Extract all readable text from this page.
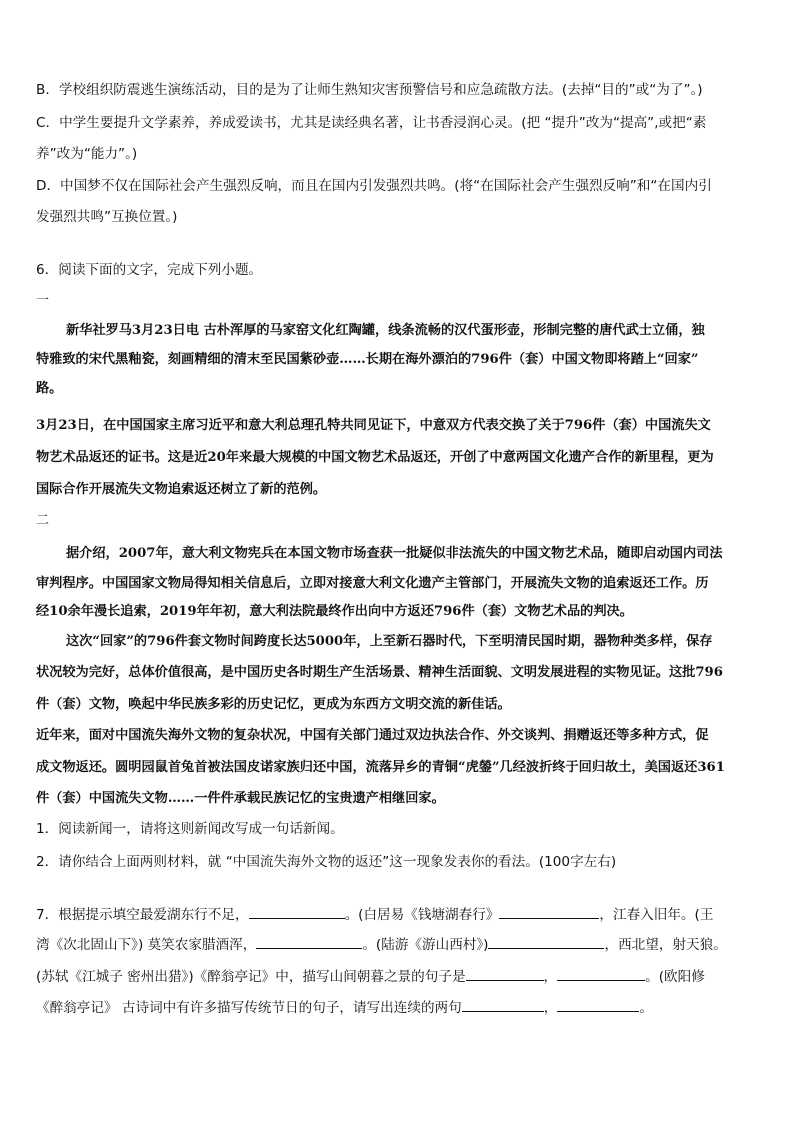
B．学校组织防震逃生演练活动，目的是为了让师生熟知灾害预警信号和应急疏散方法。(去掉“目的”或“为了”。)
C．中学生要提升文学素养，养成爱读书，尤其是读经典名著，让书香浸润心灵。(把 “提升”改为“提高”,或把“素
养”改为“能力”。)
D．中国梦不仅在国际社会产生强烈反响，而且在国内引发强烈共鸣。(将“在国际社会产生强烈反响”和“在国内引
发强烈共鸣”互换位置。)
6．阅读下面的文字，完成下列小题。
一
新华社罗马3月23日电 古朴浑厚的马家窑文化红陶罐，线条流畅的汉代蛋形壶，形制完整的唐代武士立俑，独
特雅致的宋代黑釉瓷，刻画精细的清末至民国紫砂壶……长期在海外漂泊的796件（套）中国文物即将踏上“回家”
路。
3月23日，在中国国家主席习近平和意大利总理孔特共同见证下，中意双方代表交换了关于796件（套）中国流失文
物艺术品返还的证书。这是近20年来最大规模的中国文物艺术品返还，开创了中意两国文化遗产合作的新里程，更为
国际合作开展流失文物追索返还树立了新的范例。
二
据介绍，2007年，意大利文物宪兵在本国文物市场查获一批疑似非法流失的中国文物艺术品，随即启动国内司法
审判程序。中国国家文物局得知相关信息后，立即对接意大利文化遗产主管部门，开展流失文物的追索返还工作。历
经10余年漫长追索，2019年年初，意大利法院最终作出向中方返还796件（套）文物艺术品的判决。
这次“回家”的796件套文物时间跨度长达5000年，上至新石器时代，下至明清民国时期，器物种类多样，保存
状况较为完好，总体价值很高，是中国历史各时期生产生活场景、精神生活面貌、文明发展进程的实物见证。这批796
件（套）文物，唤起中华民族多彩的历史记忆，更成为东西方文明交流的新佳话。
近年来，面对中国流失海外文物的复杂状况，中国有关部门通过双边执法合作、外交谈判、捐赠返还等多种方式，促
成文物返还。圆明园鼠首兔首被法国皮诺家族归还中国，流落异乡的青铜“虎鎣”几经波折终于回归故土，美国返还361
件（套）中国流失文物……一件件承载民族记忆的宝贵遗产相继回家。
1．阅读新闻一，请将这则新闻改写成一句话新闻。
2．请你结合上面两则材料，就 “中国流失海外文物的返还”这一现象发表你的看法。(100字左右)
7．根据提示填空最爱湖东行不足，	。(白居易《钱塘湖春行》	，江春入旧年。(王
湾《次北固山下》) 莫笑农家腊酒浑，	。(陆游《游山西村》)	，西北望，射天狼。
(苏轼《江城子 密州出猎》)《醉翁亭记》中，描写山间朝暮之景的句子是	，	。(欧阳修
《醉翁亭记》 古诗词中有许多描写传统节日的句子，请写出连续的两句	，	。
